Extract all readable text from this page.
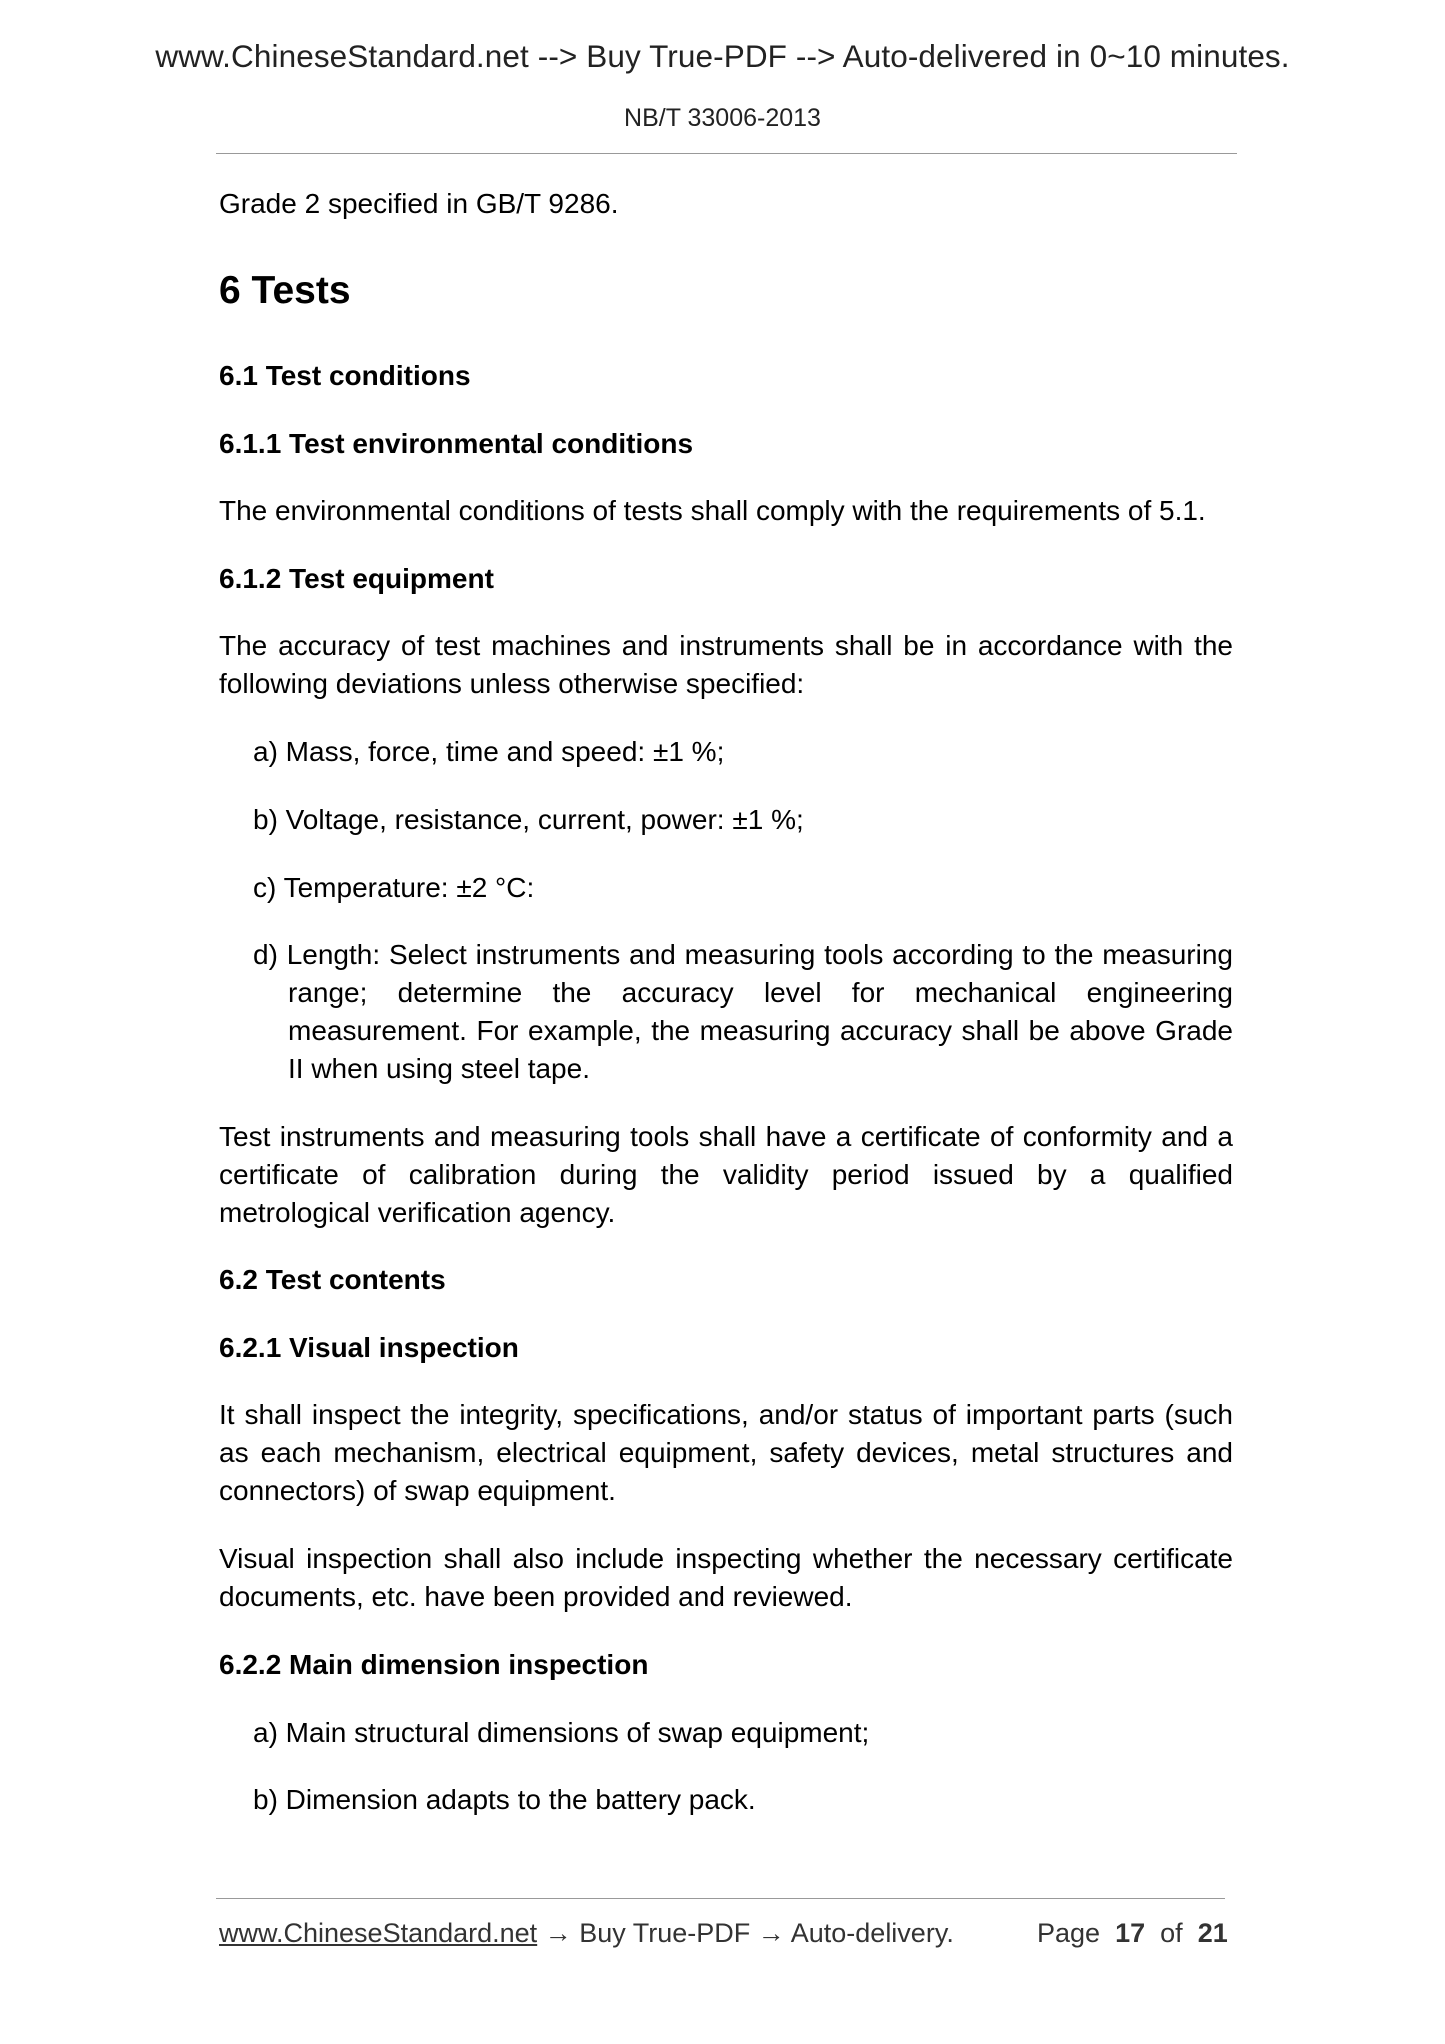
www.ChineseStandard.net --> Buy True-PDF --> Auto-delivered in 0~10 minutes.
NB/T 33006-2013

Grade 2 specified in GB/T 9286.

6 Tests
6.1 Test conditions
6.1.1 Test environmental conditions

The environmental conditions of tests shall comply with the requirements of 5.1.

6.1.2 Test equipment

The accuracy of test machines and instruments shall be in accordance with the following deviations unless otherwise specified:

a) Mass, force, time and speed: ±1 %;

b) Voltage, resistance, current, power: ±1 %;

c) Temperature: ±2 °C:

d) Length: Select instruments and measuring tools according to the measuring range; determine the accuracy level for mechanical engineering measurement. For example, the measuring accuracy shall be above Grade II when using steel tape.

Test instruments and measuring tools shall have a certificate of conformity and a certificate of calibration during the validity period issued by a qualified metrological verification agency.

6.2 Test contents
6.2.1 Visual inspection

It shall inspect the integrity, specifications, and/or status of important parts (such as each mechanism, electrical equipment, safety devices, metal structures and connectors) of swap equipment.

Visual inspection shall also include inspecting whether the necessary certificate documents, etc. have been provided and reviewed.

6.2.2 Main dimension inspection

a) Main structural dimensions of swap equipment;

b) Dimension adapts to the battery pack.

www.ChineseStandard.net → Buy True-PDF → Auto-delivery.	Page 17 of 21
